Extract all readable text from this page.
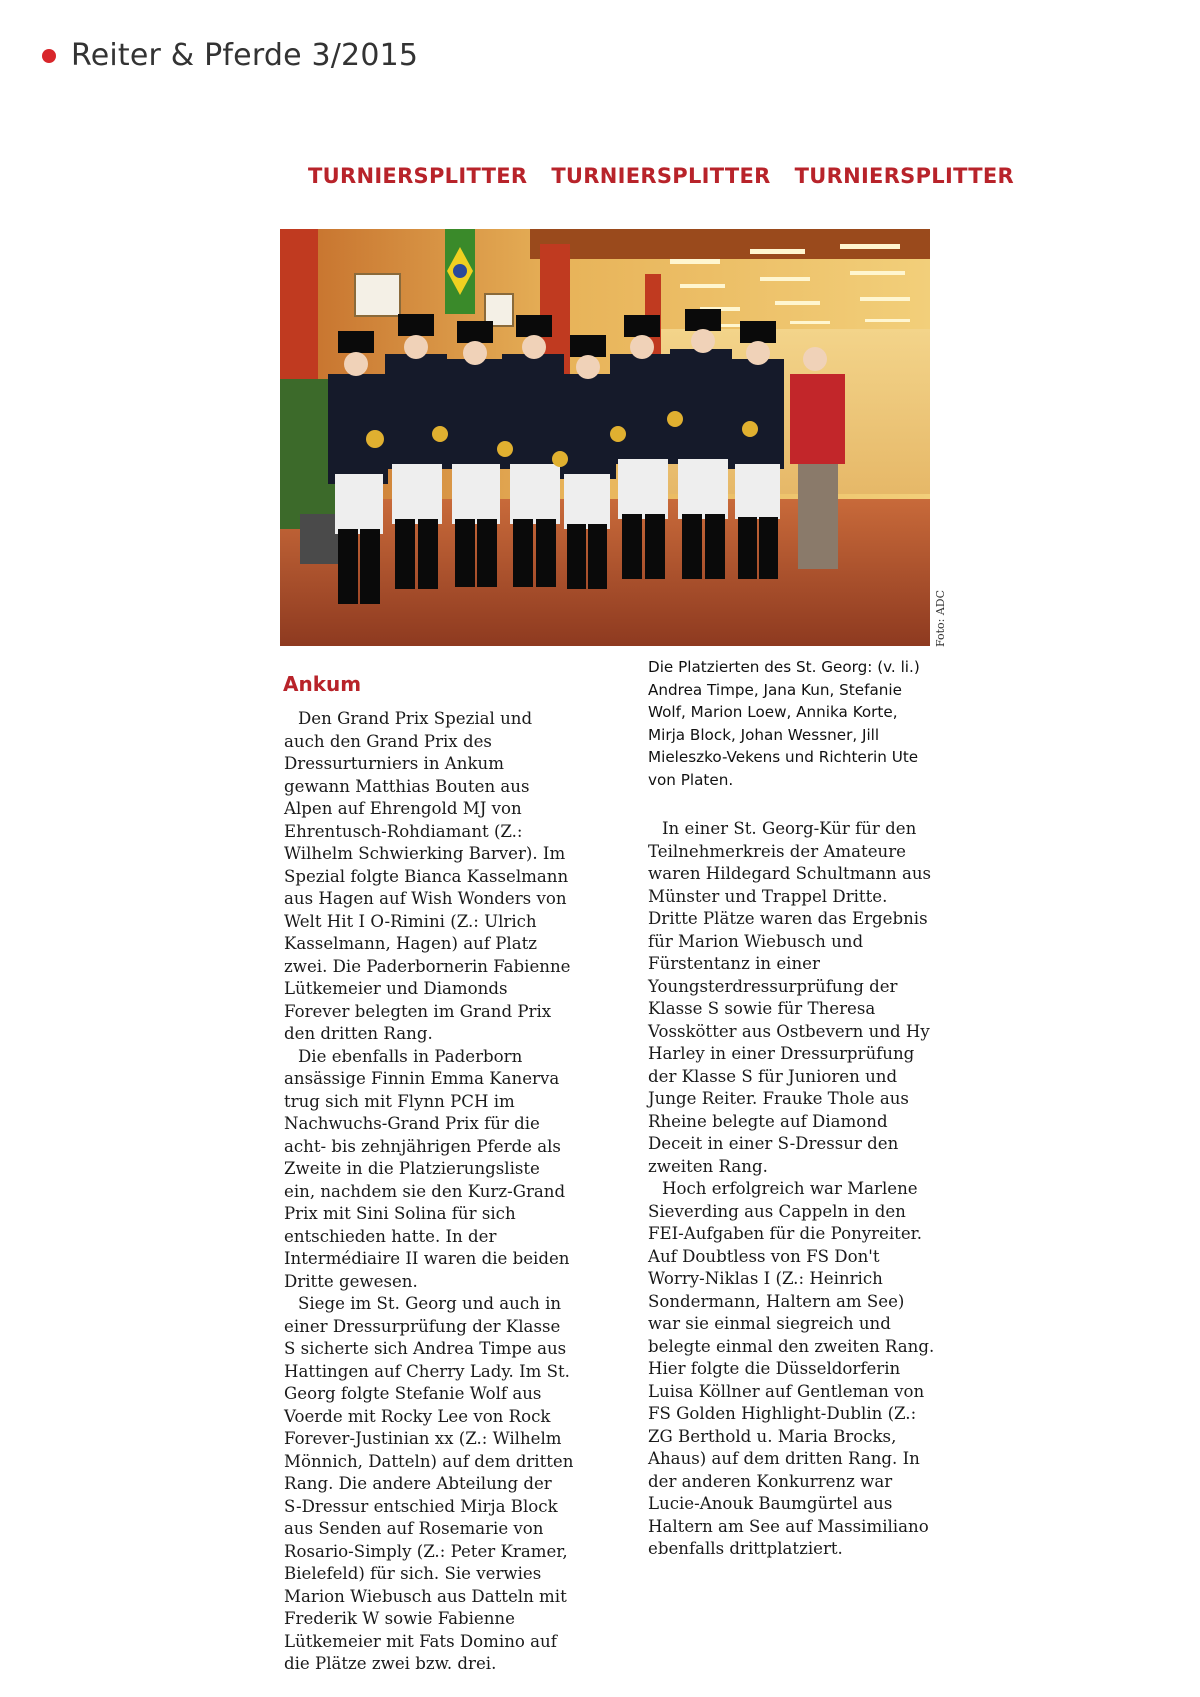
Reiter & Pferde 3/2015
TURNIERSPLITTER TURNIERSPLITTER TURNIERSPLITTER
Foto: ADC
Die Platzierten des St. Georg: (v. li.) Andrea Timpe, Jana Kun, Stefanie Wolf, Marion Loew, Annika Korte, Mirja Block, Johan Wessner, Jill Mieleszko-Vekens und Richterin Ute von Platen.
Ankum

Den Grand Prix Spezial und auch den Grand Prix des Dressurturniers in Ankum gewann Matthias Bouten aus Alpen auf Ehrengold MJ von Ehrentusch-Rohdiamant (Z.: Wilhelm Schwierking Barver). Im Spezial folgte Bianca Kasselmann aus Hagen auf Wish Wonders von Welt Hit I O-Rimini (Z.: Ulrich Kasselmann, Hagen) auf Platz zwei. Die Paderbornerin Fabienne Lütkemeier und Diamonds Forever belegten im Grand Prix den dritten Rang.

Die ebenfalls in Paderborn ansässige Finnin Emma Kanerva trug sich mit Flynn PCH im Nachwuchs-Grand Prix für die acht- bis zehnjährigen Pferde als Zweite in die Platzierungsliste ein, nachdem sie den Kurz-Grand Prix mit Sini Solina für sich entschieden hatte. In der Intermédiaire II waren die beiden Dritte gewesen.

Siege im St. Georg und auch in einer Dressurprüfung der Klasse S sicherte sich Andrea Timpe aus Hattingen auf Cherry Lady. Im St. Georg folgte Stefanie Wolf aus Voerde mit Rocky Lee von Rock Forever-Justinian xx (Z.: Wilhelm Mönnich, Datteln) auf dem dritten Rang. Die andere Abteilung der S-Dressur entschied Mirja Block aus Senden auf Rosemarie von Rosario-Simply (Z.: Peter Kramer, Bielefeld) für sich. Sie verwies Marion Wiebusch aus Datteln mit Frederik W sowie Fabienne Lütkemeier mit Fats Domino auf die Plätze zwei bzw. drei.

In einer St. Georg-Kür für den Teilnehmerkreis der Amateure waren Hildegard Schultmann aus Münster und Trappel Dritte. Dritte Plätze waren das Ergebnis für Marion Wiebusch und Fürstentanz in einer Youngsterdressurprüfung der Klasse S sowie für Theresa Vosskötter aus Ostbevern und Hy Harley in einer Dressurprüfung der Klasse S für Junioren und Junge Reiter. Frauke Thole aus Rheine belegte auf Diamond Deceit in einer S-Dressur den zweiten Rang.

Hoch erfolgreich war Marlene Sieverding aus Cappeln in den FEI-Aufgaben für die Ponyreiter. Auf Doubtless von FS Don't Worry-Niklas I (Z.: Heinrich Sondermann, Haltern am See) war sie einmal siegreich und belegte einmal den zweiten Rang. Hier folgte die Düsseldorferin Luisa Köllner auf Gentleman von FS Golden Highlight-Dublin (Z.: ZG Berthold u. Maria Brocks, Ahaus) auf dem dritten Rang. In der anderen Konkurrenz war Lucie-Anouk Baumgürtel aus Haltern am See auf Massimiliano ebenfalls drittplatziert.
